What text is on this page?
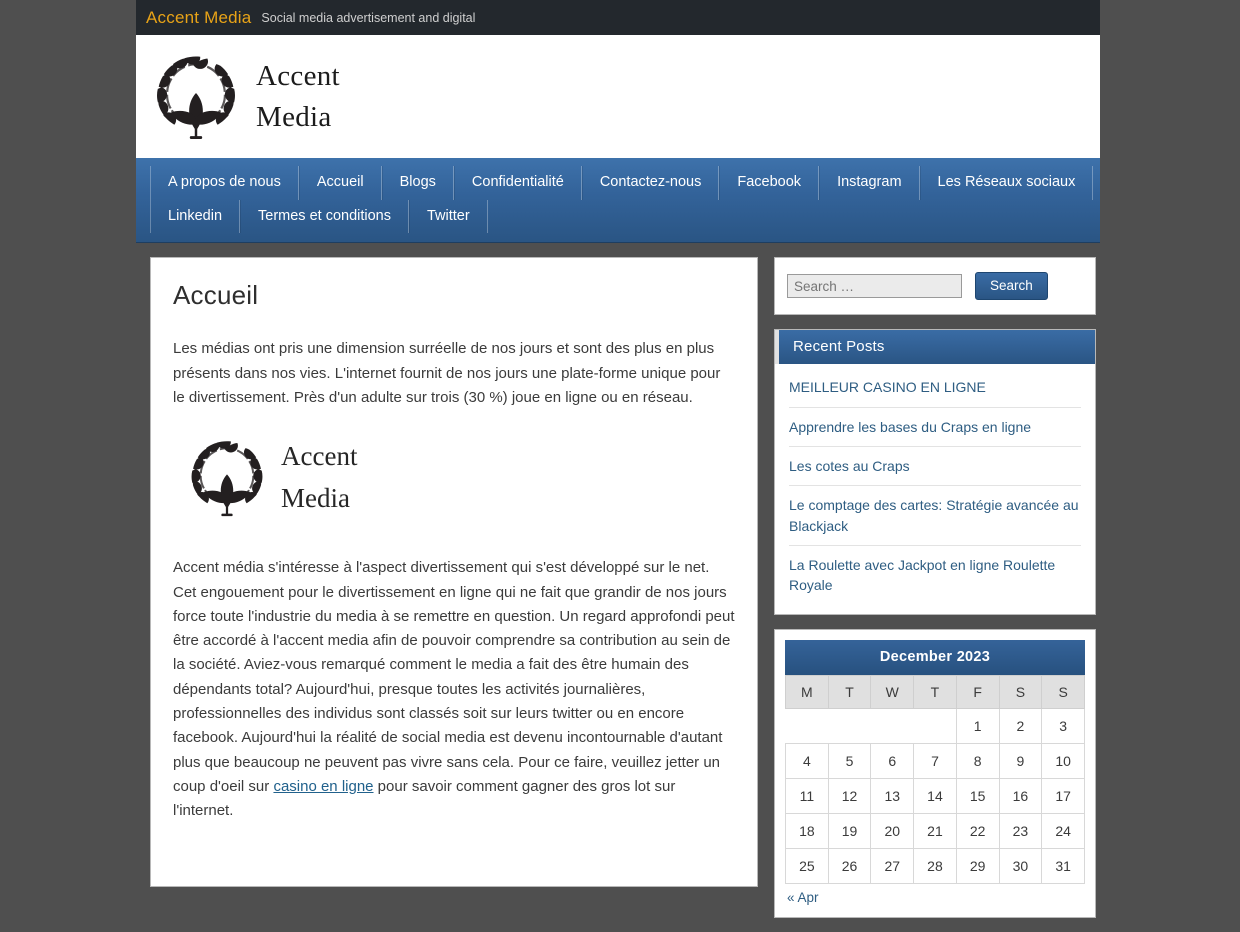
Accent Media Social media advertisement and digital
Accent
Media
A propos de nous	Accueil	Blogs	Confidentialité	Contactez-nous	Facebook	Instagram	Les Réseaux sociaux
Linkedin	Termes et conditions	Twitter
Accueil

Les médias ont pris une dimension surréelle de nos jours et sont des plus en plus présents dans nos vies. L'internet fournit de nos jours une plate-forme unique pour le divertissement. Près d'un adulte sur trois (30 %) joue en ligne ou en réseau.

Accent
Media

Accent média s'intéresse à l'aspect divertissement qui s'est développé sur le net. Cet engouement pour le divertissement en ligne qui ne fait que grandir de nos jours force toute l'industrie du media à se remettre en question. Un regard approfondi peut être accordé à l'accent media afin de pouvoir comprendre sa contribution au sein de la société. Aviez-vous remarqué comment le media a fait des être humain des dépendants total? Aujourd'hui, presque toutes les activités journalières, professionnelles des individus sont classés soit sur leurs twitter ou en encore facebook. Aujourd'hui la réalité de social media est devenu incontournable d'autant plus que beaucoup ne peuvent pas vivre sans cela. Pour ce faire, veuillez jetter un coup d'oeil sur casino en ligne pour savoir comment gagner des gros lot sur l'internet.

Search …
Search
Recent Posts
MEILLEUR CASINO EN LIGNE
Apprendre les bases du Craps en ligne
Les cotes au Craps
Le comptage des cartes: Stratégie avancée au Blackjack
La Roulette avec Jackpot en ligne Roulette Royale
December 2023
M	T	W	T	F	S	S
				1	2	3
4	5	6	7	8	9	10
11	12	13	14	15	16	17
18	19	20	21	22	23	24
25	26	27	28	29	30	31
« Apr
